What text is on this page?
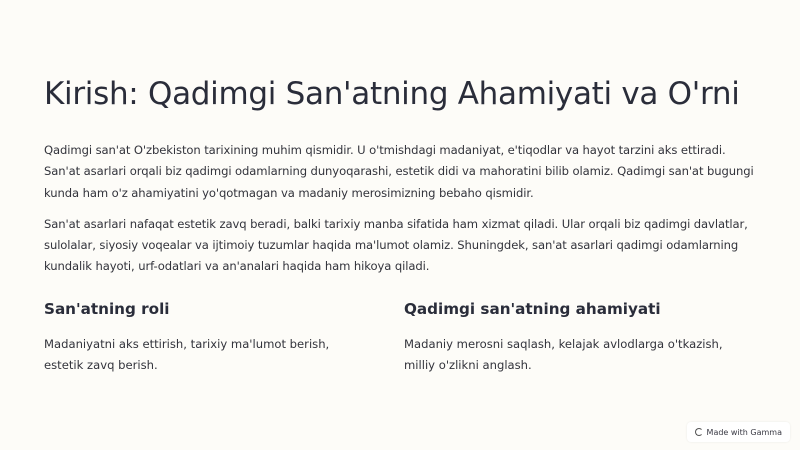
Kirish: Qadimgi San'atning Ahamiyati va O'rni

Qadimgi san'at O'zbekiston tarixining muhim qismidir. U o'tmishdagi madaniyat, e'tiqodlar va hayot tarzini aks ettiradi. San'at asarlari orqali biz qadimgi odamlarning dunyoqarashi, estetik didi va mahoratini bilib olamiz. Qadimgi san'at bugungi kunda ham o'z ahamiyatini yo'qotmagan va madaniy merosimizning bebaho qismidir.

San'at asarlari nafaqat estetik zavq beradi, balki tarixiy manba sifatida ham xizmat qiladi. Ular orqali biz qadimgi davlatlar, sulolalar, siyosiy voqealar va ijtimoiy tuzumlar haqida ma'lumot olamiz. Shuningdek, san'at asarlari qadimgi odamlarning kundalik hayoti, urf-odatlari va an'analari haqida ham hikoya qiladi.

San'atning roli

Madaniyatni aks ettirish, tarixiy ma'lumot berish, estetik zavq berish.

Qadimgi san'atning ahamiyati

Madaniy merosni saqlash, kelajak avlodlarga o'tkazish, milliy o'zlikni anglash.

Made with Gamma
